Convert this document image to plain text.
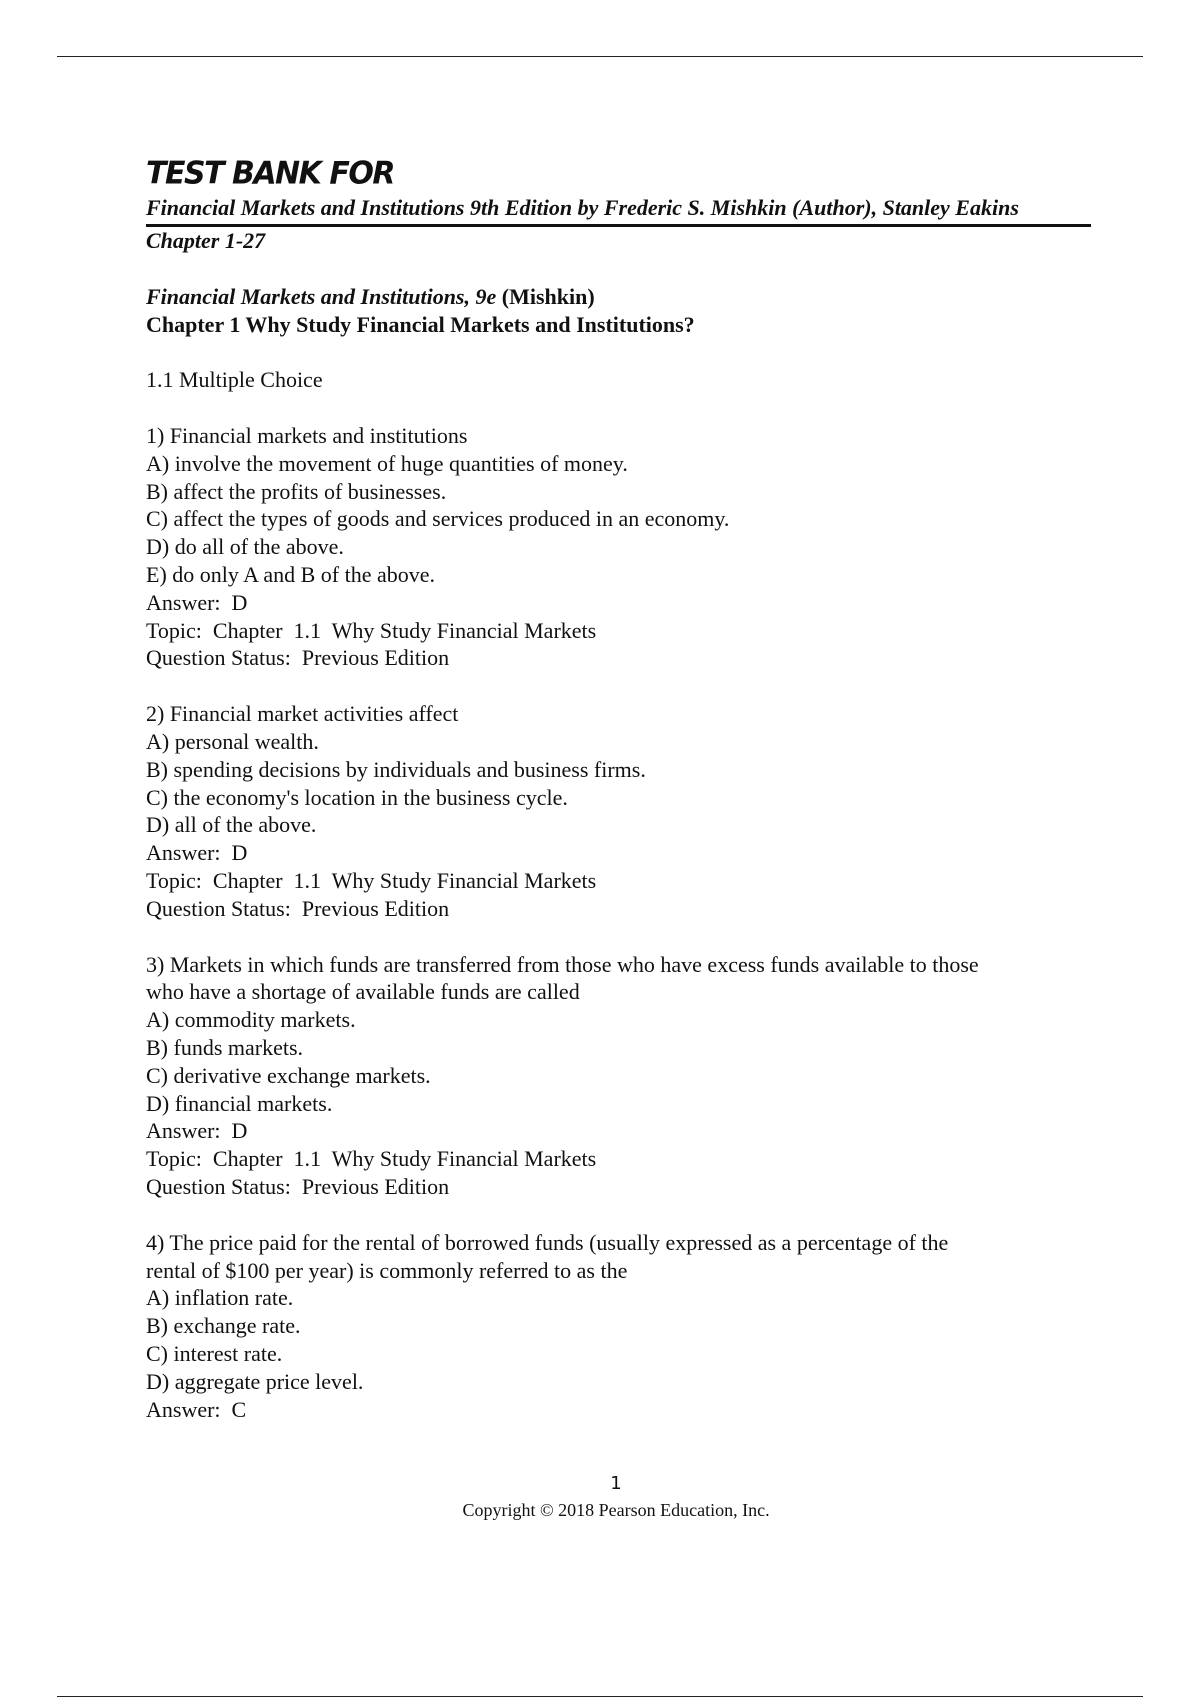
TEST BANK FOR
Financial Markets and Institutions 9th Edition by Frederic S. Mishkin (Author), Stanley Eakins
Chapter 1-27
Financial Markets and Institutions, 9e (Mishkin)
Chapter 1 Why Study Financial Markets and Institutions?
1.1 Multiple Choice
1) Financial markets and institutions
A) involve the movement of huge quantities of money.
B) affect the profits of businesses.
C) affect the types of goods and services produced in an economy.
D) do all of the above.
E) do only A and B of the above.
Answer:  D
Topic:  Chapter  1.1  Why Study Financial Markets
Question Status:  Previous Edition
2) Financial market activities affect
A) personal wealth.
B) spending decisions by individuals and business firms.
C) the economy's location in the business cycle.
D) all of the above.
Answer:  D
Topic:  Chapter  1.1  Why Study Financial Markets
Question Status:  Previous Edition
3) Markets in which funds are transferred from those who have excess funds available to those
who have a shortage of available funds are called
A) commodity markets.
B) funds markets.
C) derivative exchange markets.
D) financial markets.
Answer:  D
Topic:  Chapter  1.1  Why Study Financial Markets
Question Status:  Previous Edition
4) The price paid for the rental of borrowed funds (usually expressed as a percentage of the
rental of $100 per year) is commonly referred to as the
A) inflation rate.
B) exchange rate.
C) interest rate.
D) aggregate price level.
Answer:  C
1
Copyright © 2018 Pearson Education, Inc.
